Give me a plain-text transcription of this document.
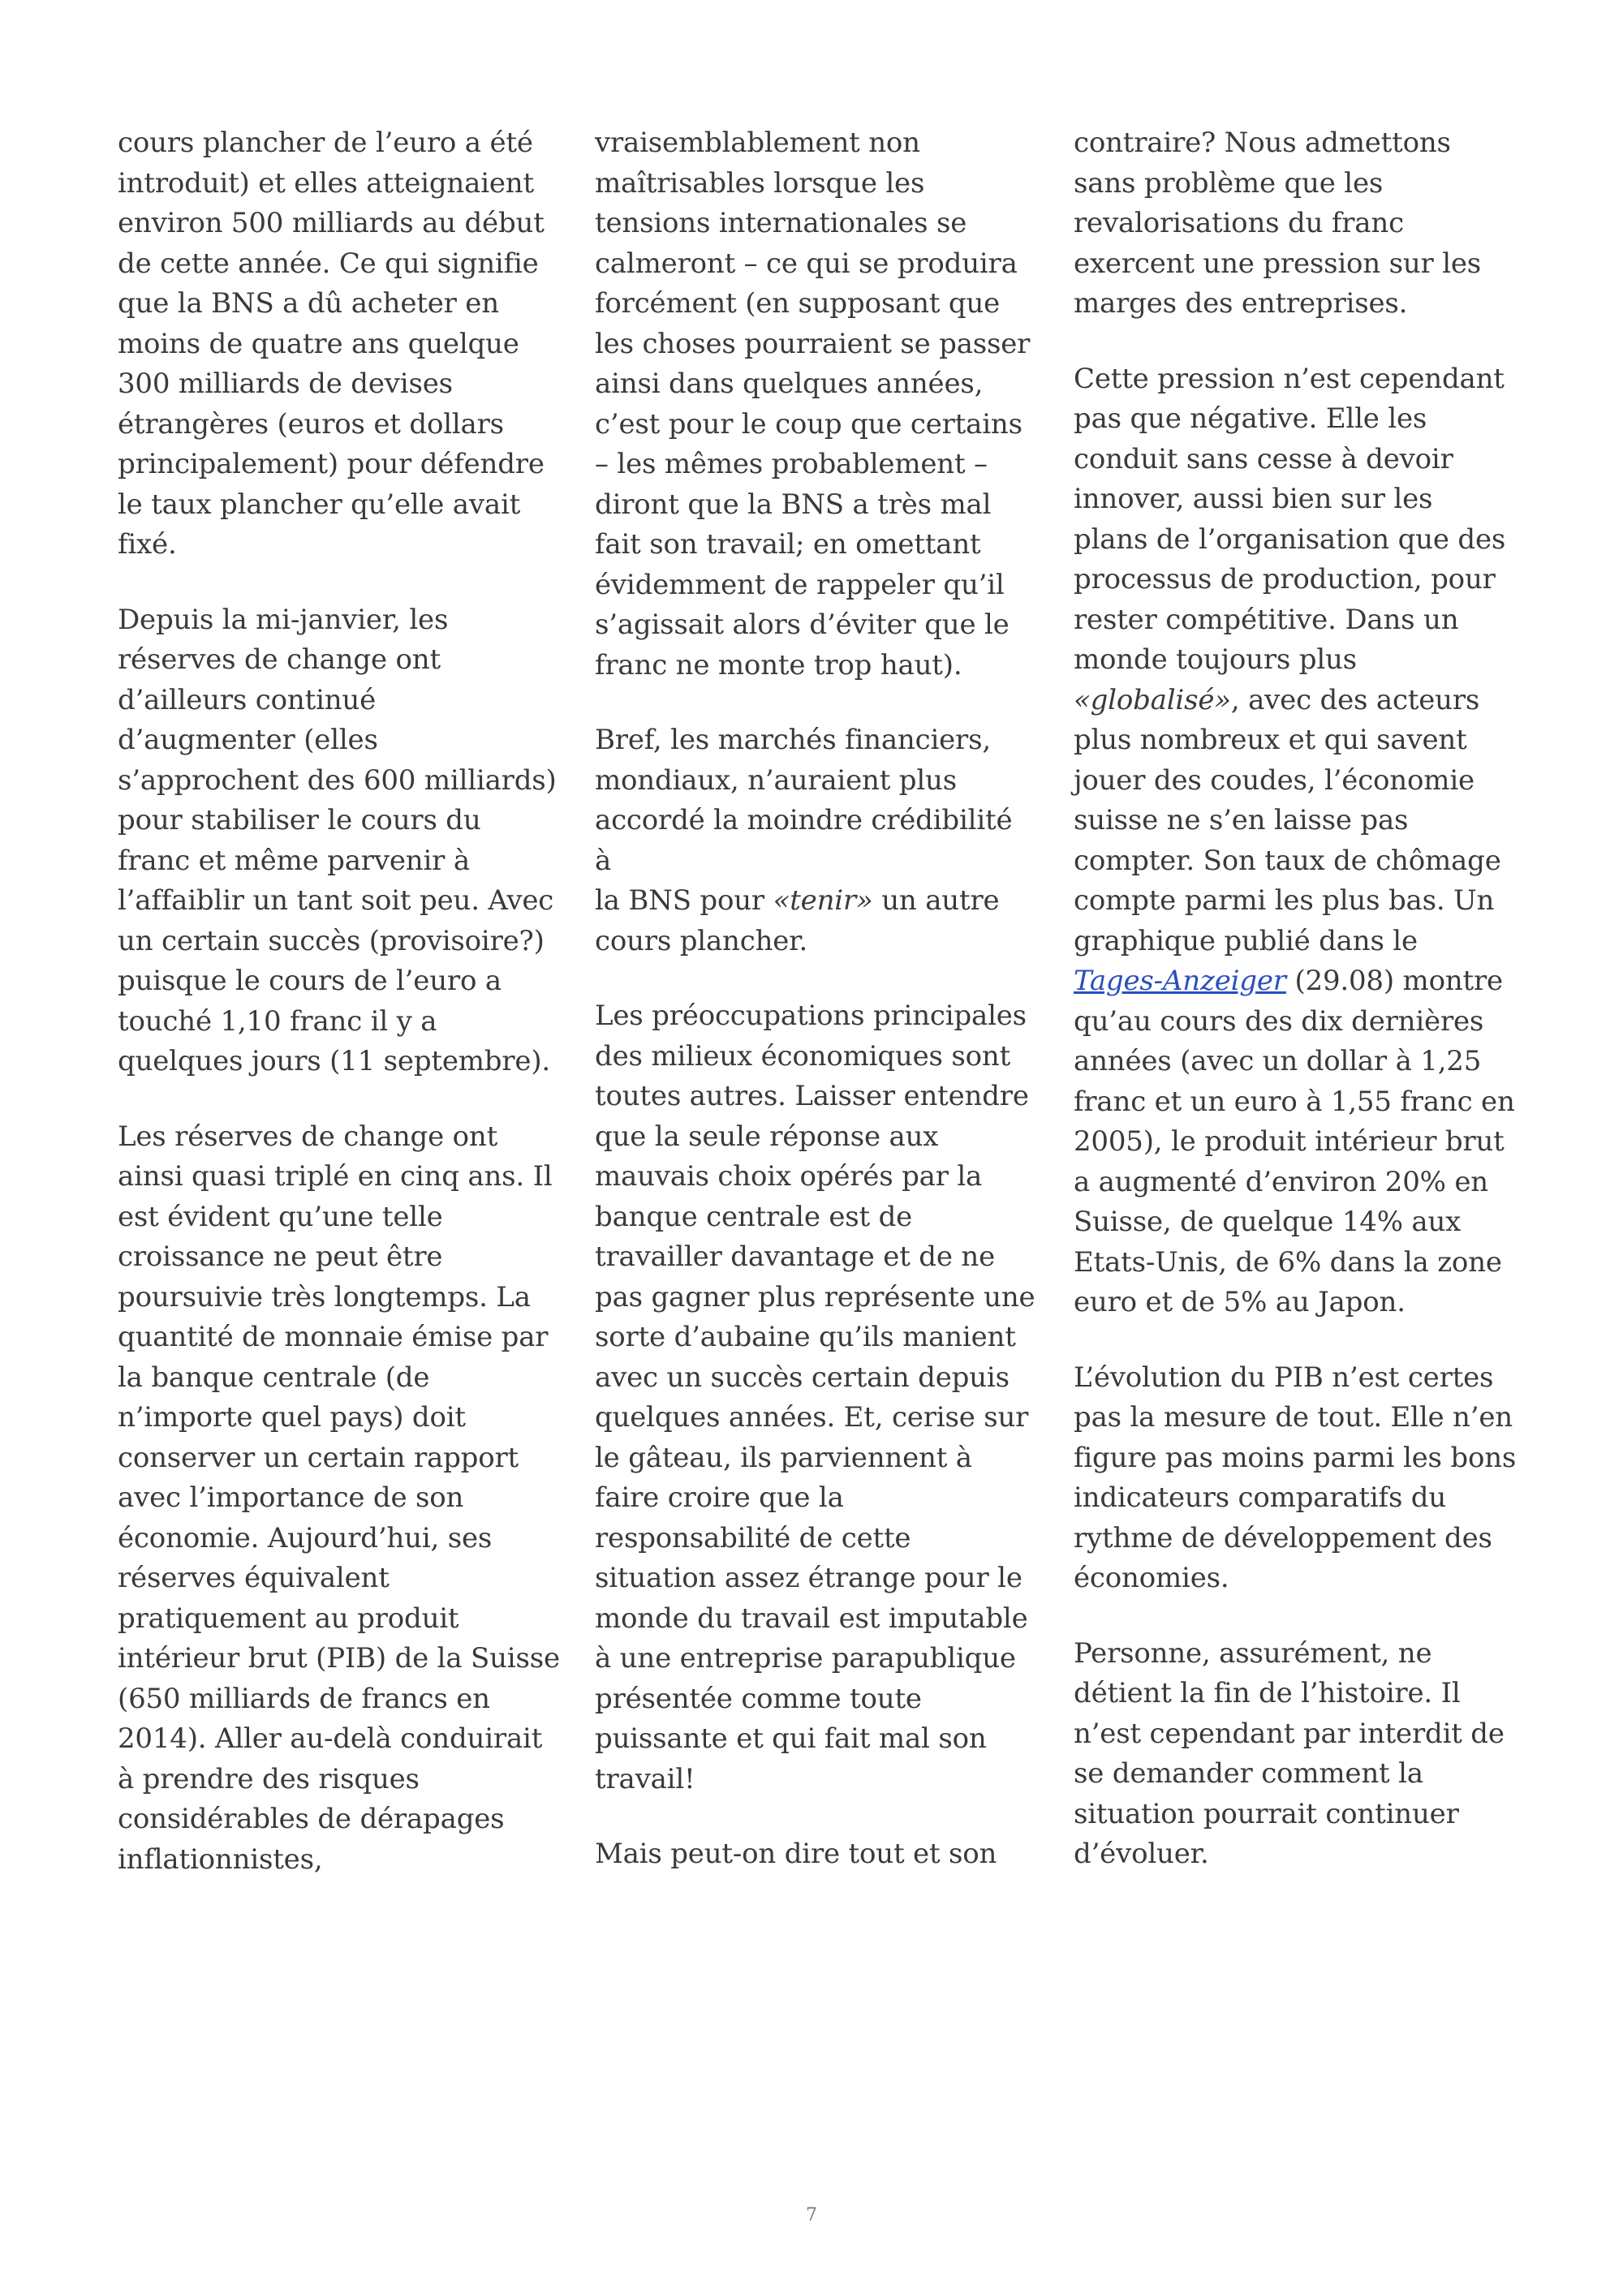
cours plancher de l’euro a été
introduit) et elles atteignaient
environ 500 milliards au début
de cette année. Ce qui signifie
que la BNS a dû acheter en
moins de quatre ans quelque
300 milliards de devises
étrangères (euros et dollars
principalement) pour défendre
le taux plancher qu’elle avait
fixé.

Depuis la mi-janvier, les
réserves de change ont
d’ailleurs continué
d’augmenter (elles
s’approchent des 600 milliards)
pour stabiliser le cours du
franc et même parvenir à
l’affaiblir un tant soit peu. Avec
un certain succès (provisoire?)
puisque le cours de l’euro a
touché 1,10 franc il y a
quelques jours (11 septembre).

Les réserves de change ont
ainsi quasi triplé en cinq ans. Il
est évident qu’une telle
croissance ne peut être
poursuivie très longtemps. La
quantité de monnaie émise par
la banque centrale (de
n’importe quel pays) doit
conserver un certain rapport
avec l’importance de son
économie. Aujourd’hui, ses
réserves équivalent
pratiquement au produit
intérieur brut (PIB) de la Suisse
(650 milliards de francs en
2014). Aller au-delà conduirait
à prendre des risques
considérables de dérapages
inflationnistes,

vraisemblablement non
maîtrisables lorsque les
tensions internationales se
calmeront – ce qui se produira
forcément (en supposant que
les choses pourraient se passer
ainsi dans quelques années,
c’est pour le coup que certains
– les mêmes probablement –
diront que la BNS a très mal
fait son travail; en omettant
évidemment de rappeler qu’il
s’agissait alors d’éviter que le
franc ne monte trop haut).

Bref, les marchés financiers,
mondiaux, n’auraient plus
accordé la moindre crédibilité à
la BNS pour «tenir» un autre
cours plancher.

Les préoccupations principales
des milieux économiques sont
toutes autres. Laisser entendre
que la seule réponse aux
mauvais choix opérés par la
banque centrale est de
travailler davantage et de ne
pas gagner plus représente une
sorte d’aubaine qu’ils manient
avec un succès certain depuis
quelques années. Et, cerise sur
le gâteau, ils parviennent à
faire croire que la
responsabilité de cette
situation assez étrange pour le
monde du travail est imputable
à une entreprise parapublique
présentée comme toute
puissante et qui fait mal son
travail!

Mais peut-on dire tout et son

contraire? Nous admettons
sans problème que les
revalorisations du franc
exercent une pression sur les
marges des entreprises.

Cette pression n’est cependant
pas que négative. Elle les
conduit sans cesse à devoir
innover, aussi bien sur les
plans de l’organisation que des
processus de production, pour
rester compétitive. Dans un
monde toujours plus
«globalisé», avec des acteurs
plus nombreux et qui savent
jouer des coudes, l’économie
suisse ne s’en laisse pas
compter. Son taux de chômage
compte parmi les plus bas. Un
graphique publié dans le
Tages-Anzeiger (29.08) montre
qu’au cours des dix dernières
années (avec un dollar à 1,25
franc et un euro à 1,55 franc en
2005), le produit intérieur brut
a augmenté d’environ 20% en
Suisse, de quelque 14% aux
Etats-Unis, de 6% dans la zone
euro et de 5% au Japon.

L’évolution du PIB n’est certes
pas la mesure de tout. Elle n’en
figure pas moins parmi les bons
indicateurs comparatifs du
rythme de développement des
économies.

Personne, assurément, ne
détient la fin de l’histoire. Il
n’est cependant par interdit de
se demander comment la
situation pourrait continuer
d’évoluer.

7
